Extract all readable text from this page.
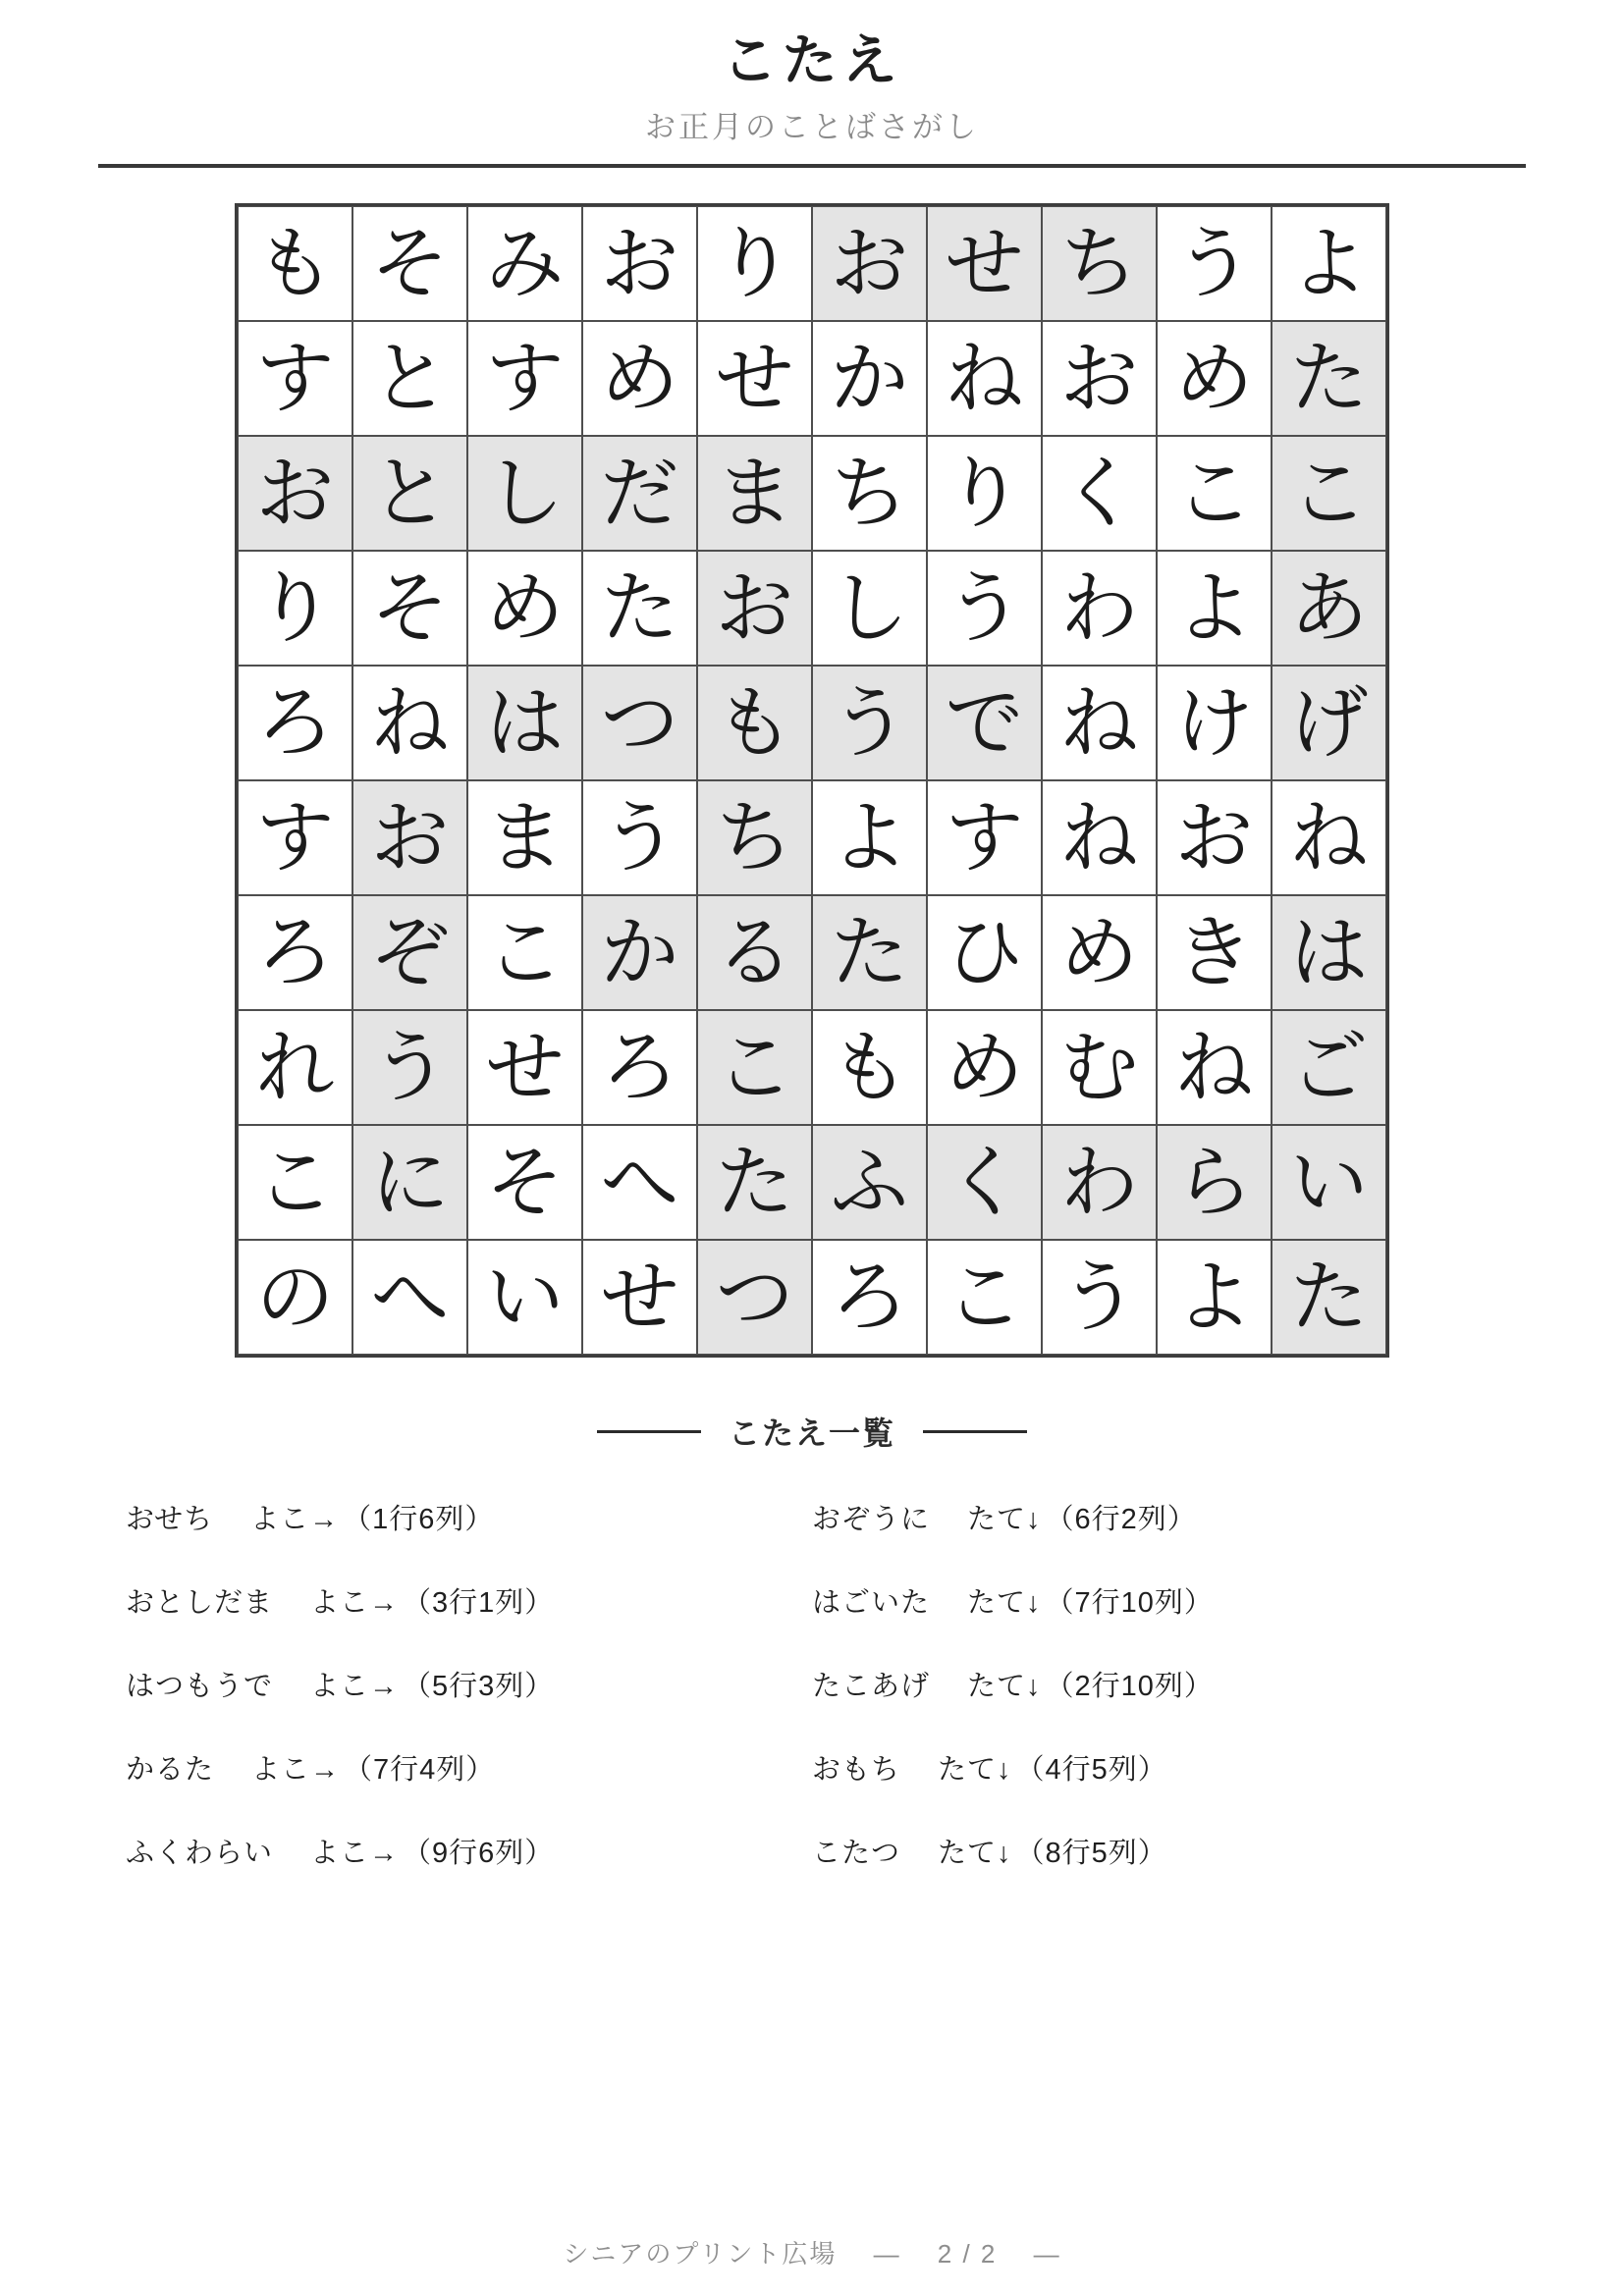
こたえ
お正月のことばさがし
も そ み お り お せ ち う よ
す と す め せ か ね お め た
お と し だ ま ち り く こ こ
り そ め た お し う わ よ あ
ろ ね は つ も う で ね け げ
す お ま う ち よ す ね お ね
ろ ぞ こ か る た ひ め き は
れ う せ ろ こ も め む ね ご
こ に そ へ た ふ く わ ら い
の へ い せ つ ろ こ う よ た
こたえ一覧
おせち よこ→ （1行6列）
おとしだま よこ→ （3行1列）
はつもうで よこ→ （5行3列）
かるた よこ→ （7行4列）
ふくわらい よこ→ （9行6列）
おぞうに たて↓ （6行2列）
はごいた たて↓ （7行10列）
たこあげ たて↓ （2行10列）
おもち たて↓ （4行5列）
こたつ たて↓ （8行5列）
シニアのプリント広場 — 2 / 2 —
